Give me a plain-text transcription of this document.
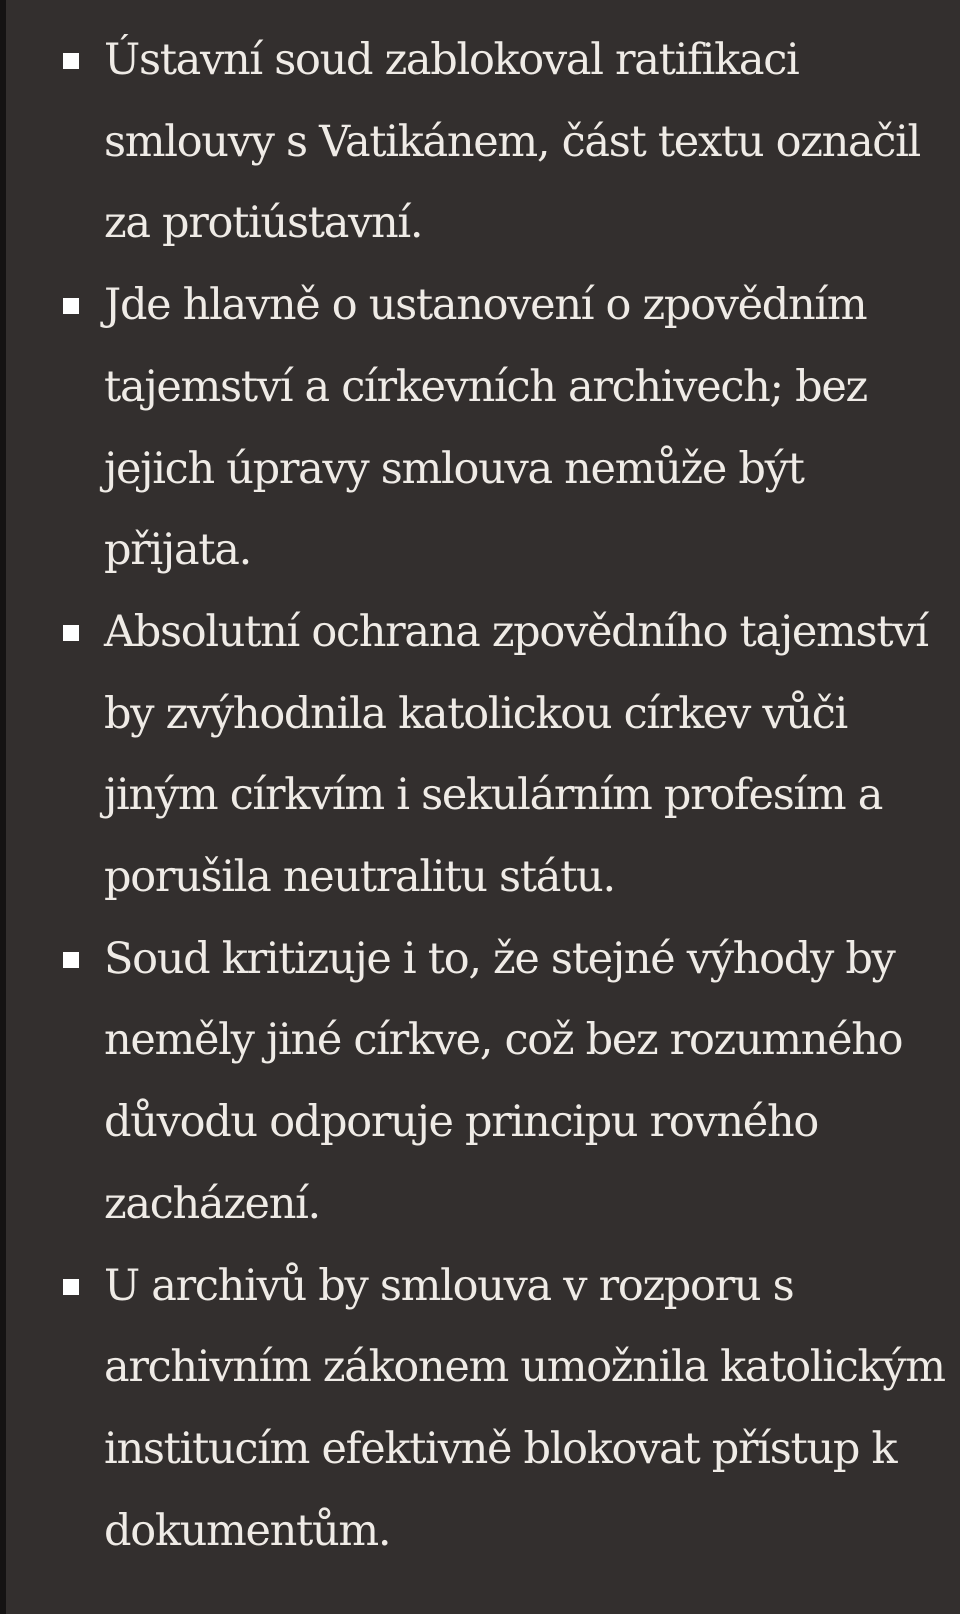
Ústavní soud zablokoval ratifikaci smlouvy s Vatikánem, část textu označil za protiústavní.
Jde hlavně o ustanovení o zpovědním tajemství a církevních archivech; bez jejich úpravy smlouva nemůže být přijata.
Absolutní ochrana zpovědního tajemství by zvýhodnila katolickou církev vůči jiným církvím i sekulárním profesím a porušila neutralitu státu.
Soud kritizuje i to, že stejné výhody by neměly jiné církve, což bez rozumného důvodu odporuje principu rovného zacházení.
U archivů by smlouva v rozporu s archivním zákonem umožnila katolickým institucím efektivně blokovat přístup k dokumentům.
